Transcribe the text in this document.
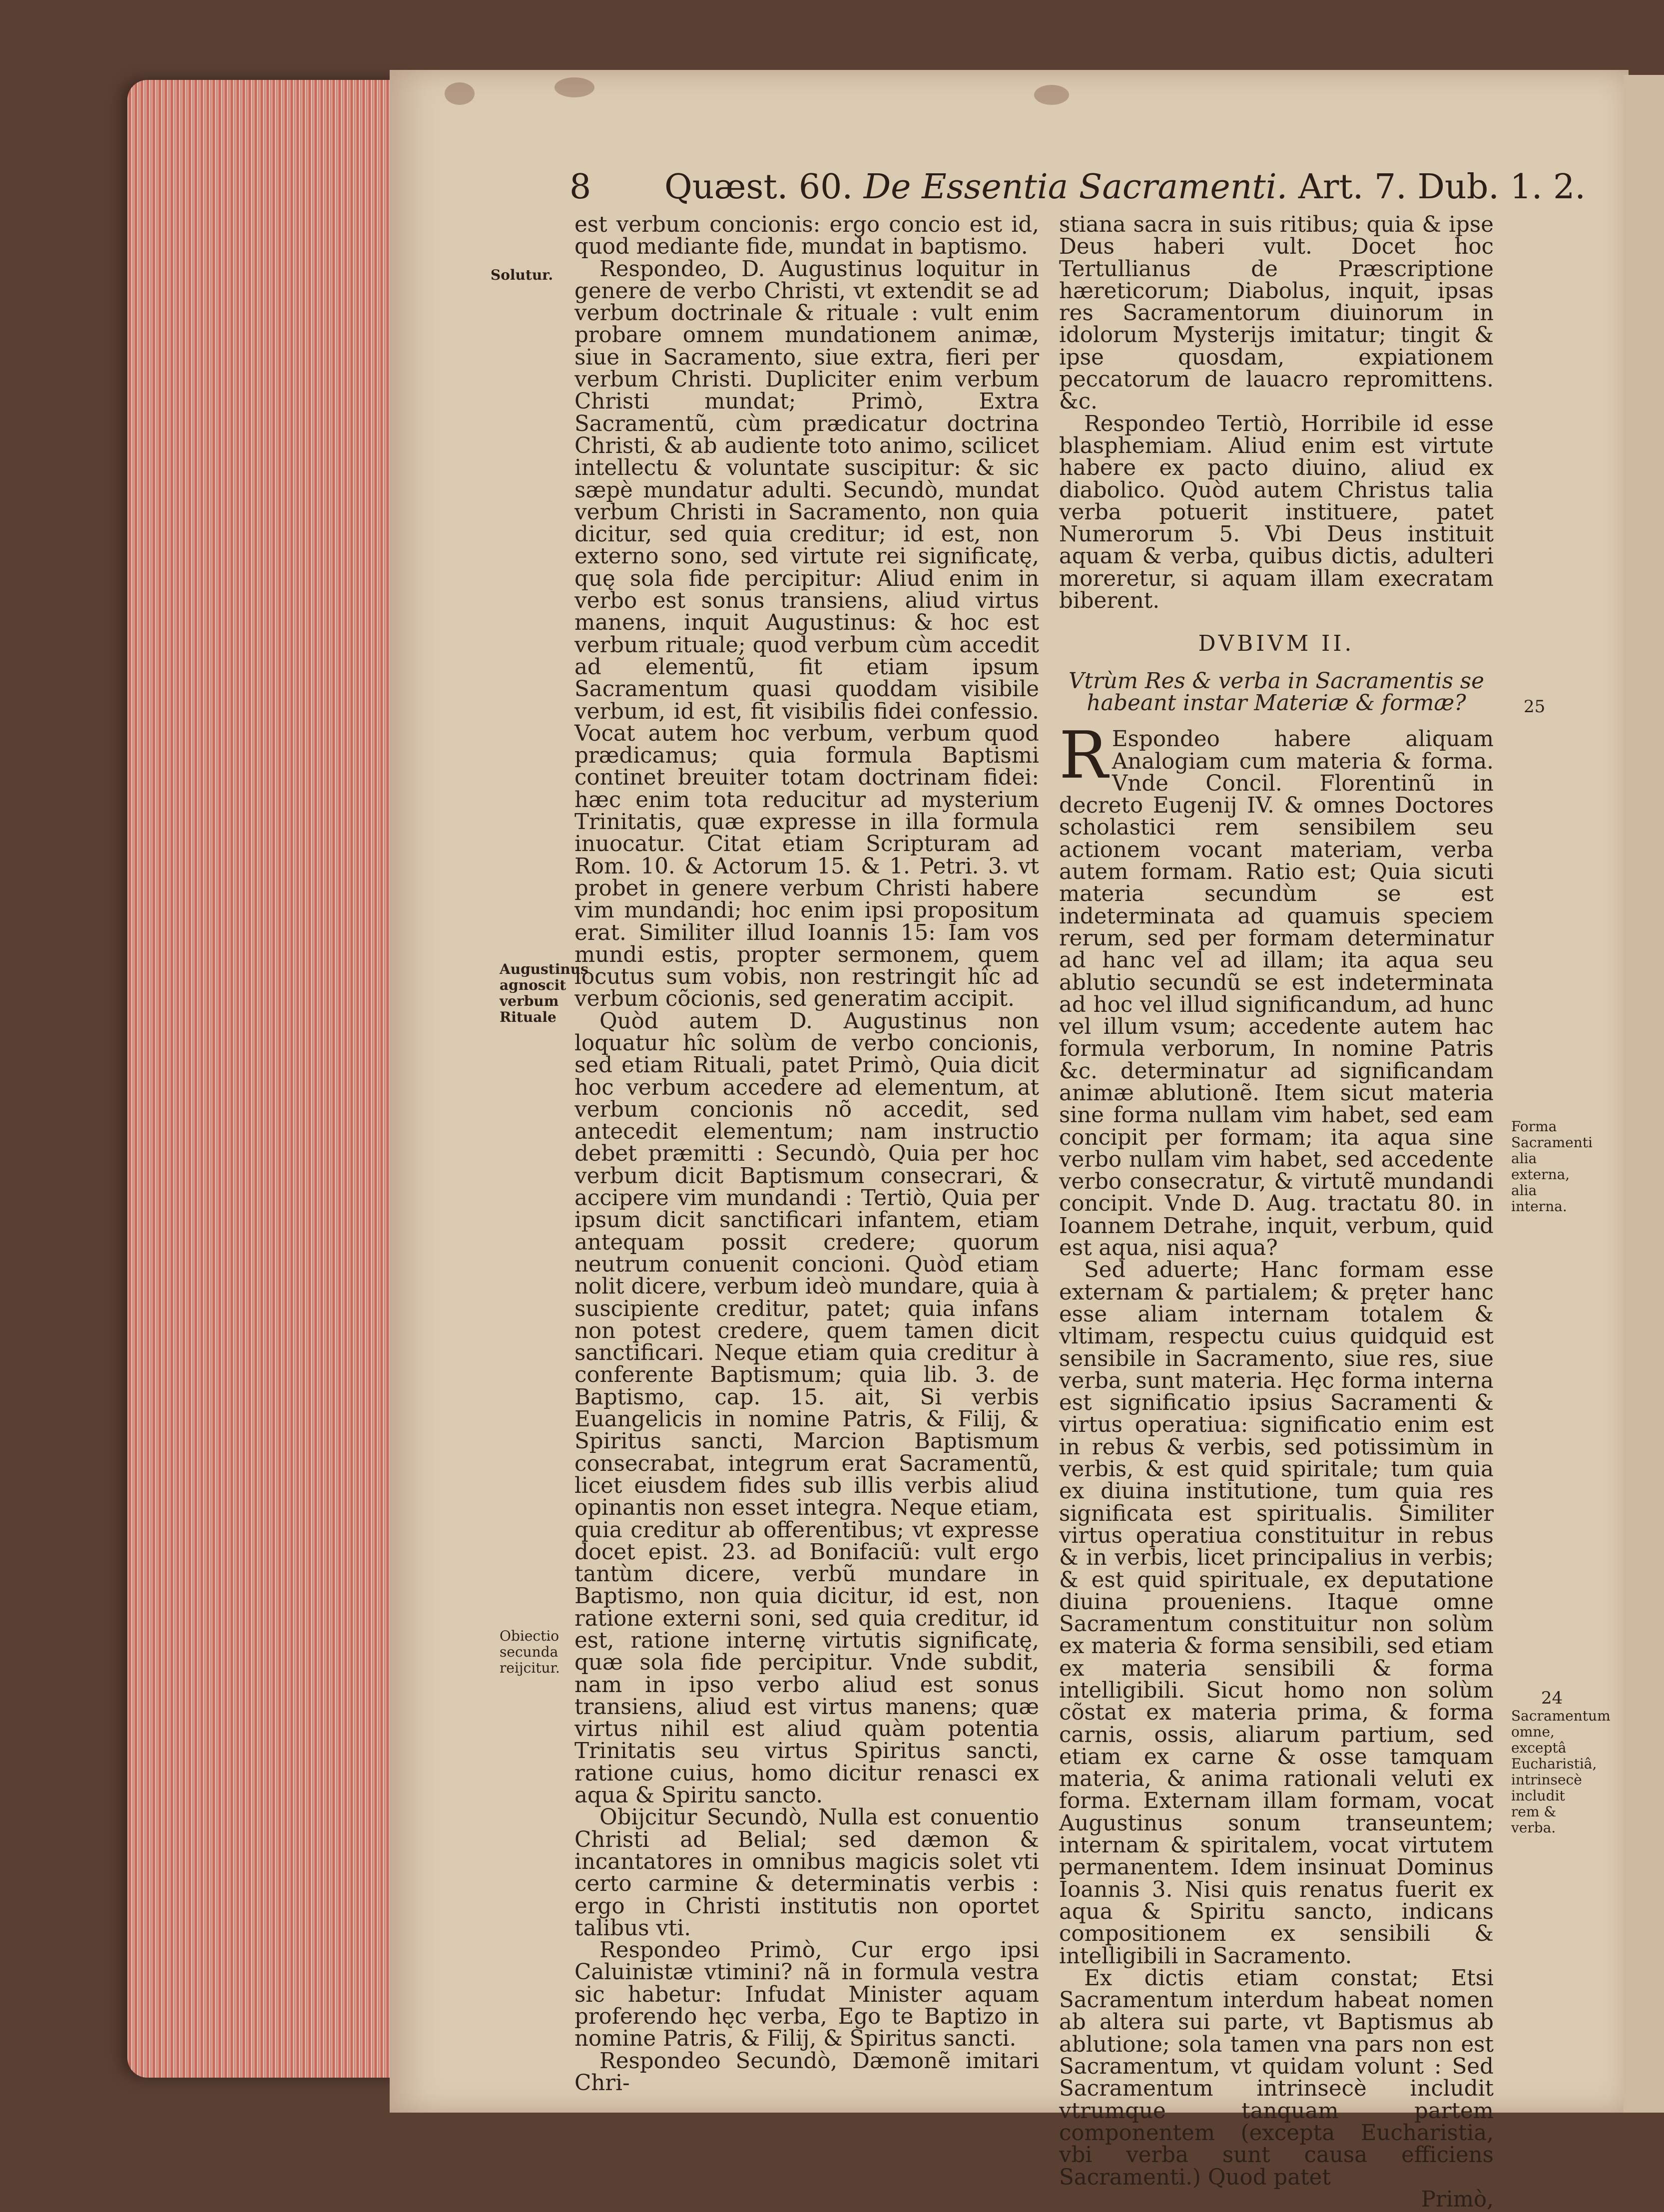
8 Quæst. 60. De Essentia Sacramenti. Art. 7. Dub. 1. 2.
Solutur.
Augustinus agnoscit verbum Rituale
Obiectio secunda reijcitur.

est verbum concionis: ergo concio est id, quod mediante fide, mundat in baptismo.

Respondeo, D. Augustinus loquitur in genere de verbo Christi, vt extendit se ad verbum doctrinale & rituale : vult enim probare omnem mundationem animæ, siue in Sacramento, siue extra, fieri per verbum Christi. Dupliciter enim verbum Christi mundat; Primò, Extra Sacramentũ, cùm prædicatur doctrina Christi, & ab audiente toto animo, scilicet intellectu & voluntate suscipitur: & sic sæpè mundatur adulti. Secundò, mundat verbum Christi in Sacramento, non quia dicitur, sed quia creditur; id est, non externo sono, sed virtute rei significatę, quę sola fide percipitur: Aliud enim in verbo est sonus transiens, aliud virtus manens, inquit Augustinus: & hoc est verbum rituale; quod verbum cùm accedit ad elementũ, fit etiam ipsum Sacramentum quasi quoddam visibile verbum, id est, fit visibilis fidei confessio. Vocat autem hoc verbum, verbum quod prædicamus; quia formula Baptismi continet breuiter totam doctrinam fidei: hæc enim tota reducitur ad mysterium Trinitatis, quæ expresse in illa formula inuocatur. Citat etiam Scripturam ad Rom. 10. & Actorum 15. & 1. Petri. 3. vt probet in genere verbum Christi habere vim mundandi; hoc enim ipsi propositum erat. Similiter illud Ioannis 15: Iam vos mundi estis, propter sermonem, quem locutus sum vobis, non restringit hîc ad verbum cõcionis, sed generatim accipit.

Quòd autem D. Augustinus non loquatur hîc solùm de verbo concionis, sed etiam Rituali, patet Primò, Quia dicit hoc verbum accedere ad elementum, at verbum concionis nõ accedit, sed antecedit elementum; nam instructio debet præmitti : Secundò, Quia per hoc verbum dicit Baptismum consecrari, & accipere vim mundandi : Tertiò, Quia per ipsum dicit sanctificari infantem, etiam antequam possit credere; quorum neutrum conuenit concioni. Quòd etiam nolit dicere, verbum ideò mundare, quia à suscipiente creditur, patet; quia infans non potest credere, quem tamen dicit sanctificari. Neque etiam quia creditur à conferente Baptismum; quia lib. 3. de Baptismo, cap. 15. ait, Si verbis Euangelicis in nomine Patris, & Filij, & Spiritus sancti, Marcion Baptismum consecrabat, integrum erat Sacramentũ, licet eiusdem fides sub illis verbis aliud opinantis non esset integra. Neque etiam, quia creditur ab offerentibus; vt expresse docet epist. 23. ad Bonifaciũ: vult ergo tantùm dicere, verbũ mundare in Baptismo, non quia dicitur, id est, non ratione externi soni, sed quia creditur, id est, ratione internę virtutis significatę, quæ sola fide percipitur. Vnde subdit, nam in ipso verbo aliud est sonus transiens, aliud est virtus manens; quæ virtus nihil est aliud quàm potentia Trinitatis seu virtus Spiritus sancti, ratione cuius, homo dicitur renasci ex aqua & Spiritu sancto.

Obijcitur Secundò, Nulla est conuentio Christi ad Belial; sed dæmon & incantatores in omnibus magicis solet vti certo carmine & determinatis verbis : ergo in Christi institutis non oportet talibus vti.

Respondeo Primò, Cur ergo ipsi Caluinistæ vtimini? nã in formula vestra sic habetur: Infudat Minister aquam proferendo hęc verba, Ego te Baptizo in nomine Patris, & Filij, & Spiritus sancti.

Respondeo Secundò, Dæmonẽ imitari Chri-

stiana sacra in suis ritibus; quia & ipse Deus haberi vult. Docet hoc Tertullianus de Præscriptione hæreticorum; Diabolus, inquit, ipsas res Sacramentorum diuinorum in idolorum Mysterijs imitatur; tingit & ipse quosdam, expiationem peccatorum de lauacro repromittens. &c.

Respondeo Tertiò, Horribile id esse blasphemiam. Aliud enim est virtute habere ex pacto diuino, aliud ex diabolico. Quòd autem Christus talia verba potuerit instituere, patet Numerorum 5. Vbi Deus instituit aquam & verba, quibus dictis, adulteri moreretur, si aquam illam execratam biberent.

DVBIVM II.

Vtrùm Res & verba in Sacramentis se habeant instar Materiæ & formæ?

R Espondeo habere aliquam Analogiam cum materia & forma. Vnde Concil. Florentinũ in decreto Eugenij IV. & omnes Doctores scholastici rem sensibilem seu actionem vocant materiam, verba autem formam. Ratio est; Quia sicuti materia secundùm se est indeterminata ad quamuis speciem rerum, sed per formam determinatur ad hanc vel ad illam; ita aqua seu ablutio secundũ se est indeterminata ad hoc vel illud significandum, ad hunc vel illum vsum; accedente autem hac formula verborum, In nomine Patris &c. determinatur ad significandam animæ ablutionẽ. Item sicut materia sine forma nullam vim habet, sed eam concipit per formam; ita aqua sine verbo nullam vim habet, sed accedente verbo consecratur, & virtutẽ mundandi concipit. Vnde D. Aug. tractatu 80. in Ioannem Detrahe, inquit, verbum, quid est aqua, nisi aqua?

Sed aduerte; Hanc formam esse externam & partialem; & pręter hanc esse aliam internam totalem & vltimam, respectu cuius quidquid est sensibile in Sacramento, siue res, siue verba, sunt materia. Hęc forma interna est significatio ipsius Sacramenti & virtus operatiua: significatio enim est in rebus & verbis, sed potissimùm in verbis, & est quid spiritale; tum quia ex diuina institutione, tum quia res significata est spiritualis. Similiter virtus operatiua constituitur in rebus & in verbis, licet principalius in verbis; & est quid spirituale, ex deputatione diuina proueniens. Itaque omne Sacramentum constituitur non solùm ex materia & forma sensibili, sed etiam ex materia sensibili & forma intelligibili. Sicut homo non solùm cõstat ex materia prima, & forma carnis, ossis, aliarum partium, sed etiam ex carne & osse tamquam materia, & anima rationali veluti ex forma. Externam illam formam, vocat Augustinus sonum transeuntem; internam & spiritalem, vocat virtutem permanentem. Idem insinuat Dominus Ioannis 3. Nisi quis renatus fuerit ex aqua & Spiritu sancto, indicans compositionem ex sensibili & intelligibili in Sacramento.

Ex dictis etiam constat; Etsi Sacramentum interdum habeat nomen ab altera sui parte, vt Baptismus ab ablutione; sola tamen vna pars non est Sacramentum, vt quidam volunt : Sed Sacramentum intrinsecè includit vtrumque tanquam partem componentem (excepta Eucharistia, vbi verba sunt causa efficiens Sacramenti.) Quod patet

Primò,

25
Forma Sacramenti alia externa, alia interna.
24
Sacramentum omne, exceptâ Eucharistiâ, intrinsecè includit rem & verba.
